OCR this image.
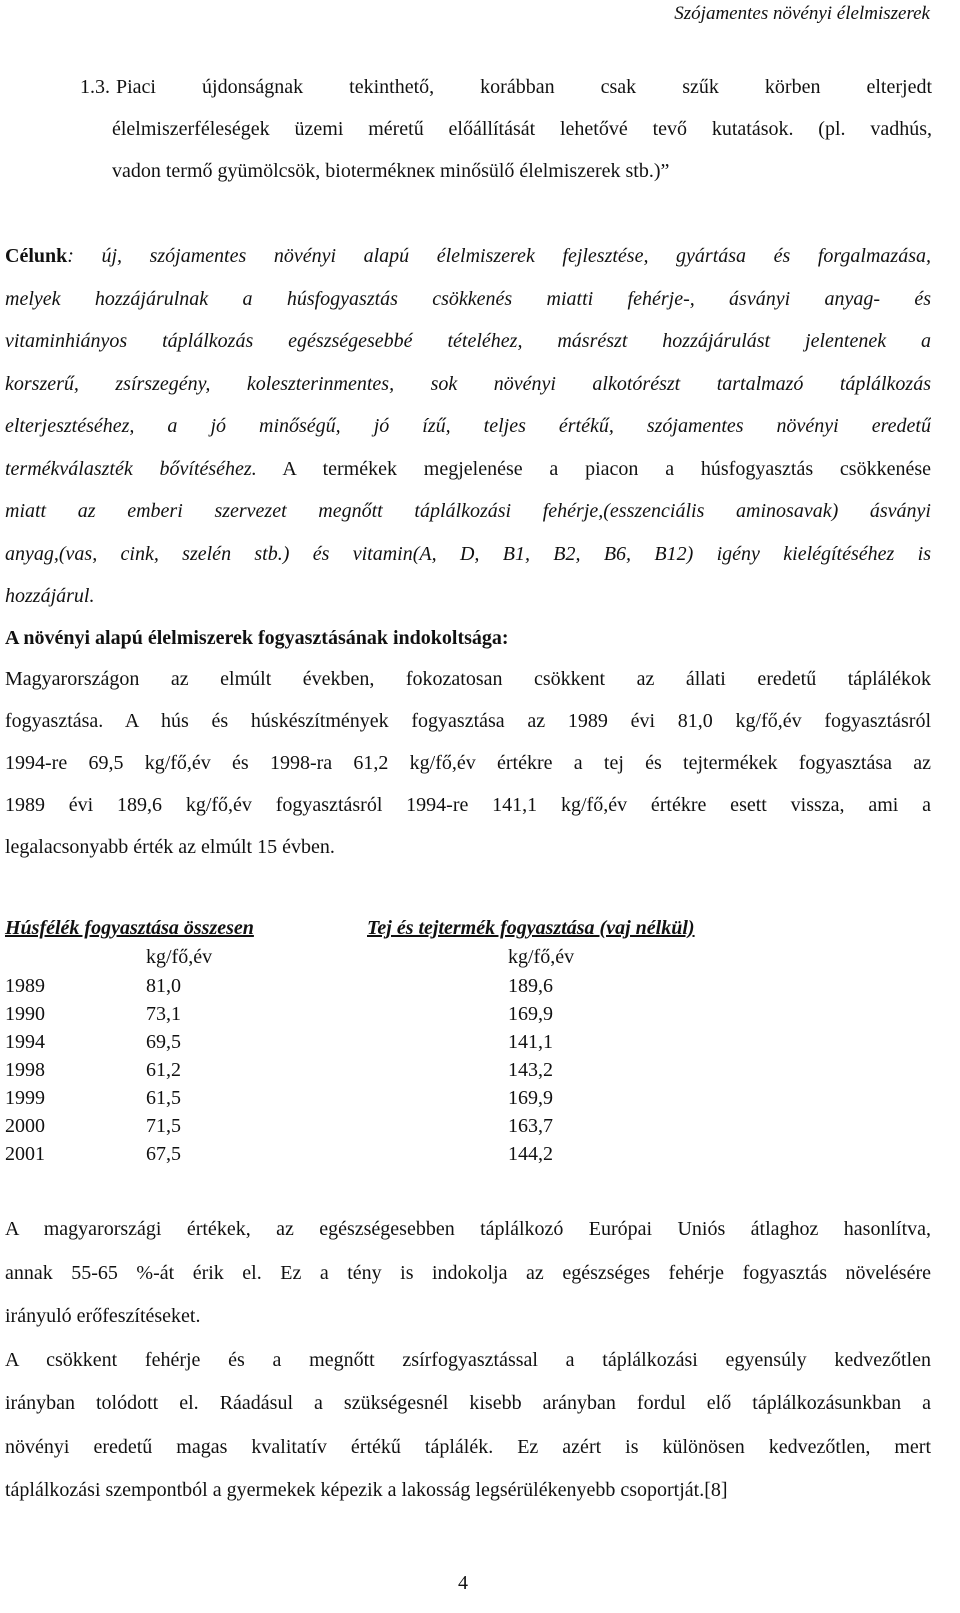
Szójamentes növényi élelmiszerek
1.3. Piaci újdonságnak tekinthető, korábban csak szűk körben elterjedt
élelmiszerféleségek üzemi méretű előállítását lehetővé tevő kutatások. (pl. vadhús,
vadon termő gyümölcsök, biotermékneк minősülő élelmiszerek stb.)”
Célunk: új, szójamentes növényi alapú élelmiszerek fejlesztése, gyártása és forgalmazása,
melyek hozzájárulnak a húsfogyasztás csökkenés miatti fehérje-, ásványi anyag- és
vitaminhiányos táplálkozás egészségesebbé tételéhez, másrészt hozzájárulást jelentenek a
korszerű, zsírszegény, koleszterinmentes, sok növényi alkotórészt tartalmazó táplálkozás
elterjesztéséhez, a jó minőségű, jó ízű, teljes értékű, szójamentes növényi eredetű
termékválaszték bővítéséhez. A termékek megjelenése a piacon a húsfogyasztás csökkenése
miatt az emberi szervezet megnőtt táplálkozási fehérje,(esszenciális aminosavak) ásványi
anyag,(vas, cink, szelén stb.) és vitamin(A, D, B1, B2, B6, B12) igény kielégítéséhez is
hozzájárul.
A növényi alapú élelmiszerek fogyasztásának indokoltsága:
Magyarországon az elmúlt években, fokozatosan csökkent az állati eredetű táplálékok
fogyasztása. A hús és húskészítmények fogyasztása az 1989 évi 81,0 kg/fő,év fogyasztásról
1994-re 69,5 kg/fő,év és 1998-ra 61,2 kg/fő,év értékre a tej és tejtermékek fogyasztása az
1989 évi 189,6 kg/fő,év fogyasztásról 1994-re 141,1 kg/fő,év értékre esett vissza, ami a
legalacsonyabb érték az elmúlt 15 évben.
Húsfélék fogyasztása összesen	Tej és tejtermék fogyasztása (vaj nélkül)
kg/fő,év	kg/fő,év
1989	81,0	189,6
1990	73,1	169,9
1994	69,5	141,1
1998	61,2	143,2
1999	61,5	169,9
2000	71,5	163,7
2001	67,5	144,2
A magyarországi értékek, az egészségesebben táplálkozó Európai Uniós átlaghoz hasonlítva,
annak 55-65 %-át érik el. Ez a tény is indokolja az egészséges fehérje fogyasztás növelésére
irányuló erőfeszítéseket.
A csökkent fehérje és a megnőtt zsírfogyasztással a táplálkozási egyensúly kedvezőtlen
irányban tolódott el. Ráadásul a szükségesnél kisebb arányban fordul elő táplálkozásunkban a
növényi eredetű magas kvalitatív értékű táplálék. Ez azért is különösen kedvezőtlen, mert
táplálkozási szempontból a gyermekek képezik a lakosság legsérülékenyebb csoportját.[8]
4
